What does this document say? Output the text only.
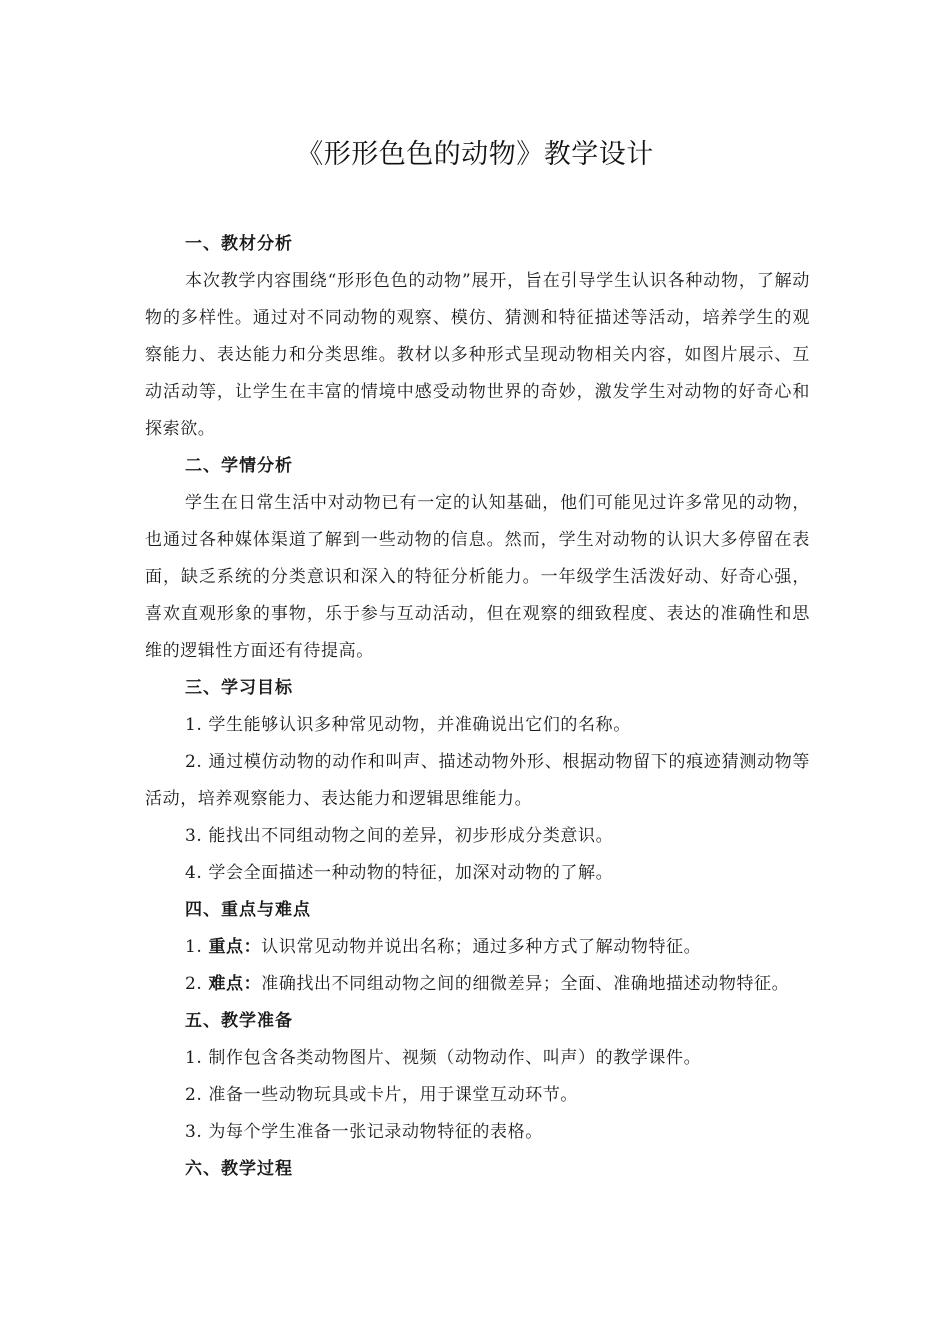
《形形色色的动物》教学设计

一、教材分析

本次教学内容围绕“形形色色的动物”展开，旨在引导学生认识各种动物，了解动物的多样性。通过对不同动物的观察、模仿、猜测和特征描述等活动，培养学生的观察能力、表达能力和分类思维。教材以多种形式呈现动物相关内容，如图片展示、互动活动等，让学生在丰富的情境中感受动物世界的奇妙，激发学生对动物的好奇心和探索欲。

二、学情分析

学生在日常生活中对动物已有一定的认知基础，他们可能见过许多常见的动物，也通过各种媒体渠道了解到一些动物的信息。然而，学生对动物的认识大多停留在表面，缺乏系统的分类意识和深入的特征分析能力。一年级学生活泼好动、好奇心强，喜欢直观形象的事物，乐于参与互动活动，但在观察的细致程度、表达的准确性和思维的逻辑性方面还有待提高。

三、学习目标

1. 学生能够认识多种常见动物，并准确说出它们的名称。

2. 通过模仿动物的动作和叫声、描述动物外形、根据动物留下的痕迹猜测动物等活动，培养观察能力、表达能力和逻辑思维能力。

3. 能找出不同组动物之间的差异，初步形成分类意识。

4. 学会全面描述一种动物的特征，加深对动物的了解。

四、重点与难点

1. 重点：认识常见动物并说出名称；通过多种方式了解动物特征。

2. 难点：准确找出不同组动物之间的细微差异；全面、准确地描述动物特征。

五、教学准备

1. 制作包含各类动物图片、视频（动物动作、叫声）的教学课件。

2. 准备一些动物玩具或卡片，用于课堂互动环节。

3. 为每个学生准备一张记录动物特征的表格。

六、教学过程
